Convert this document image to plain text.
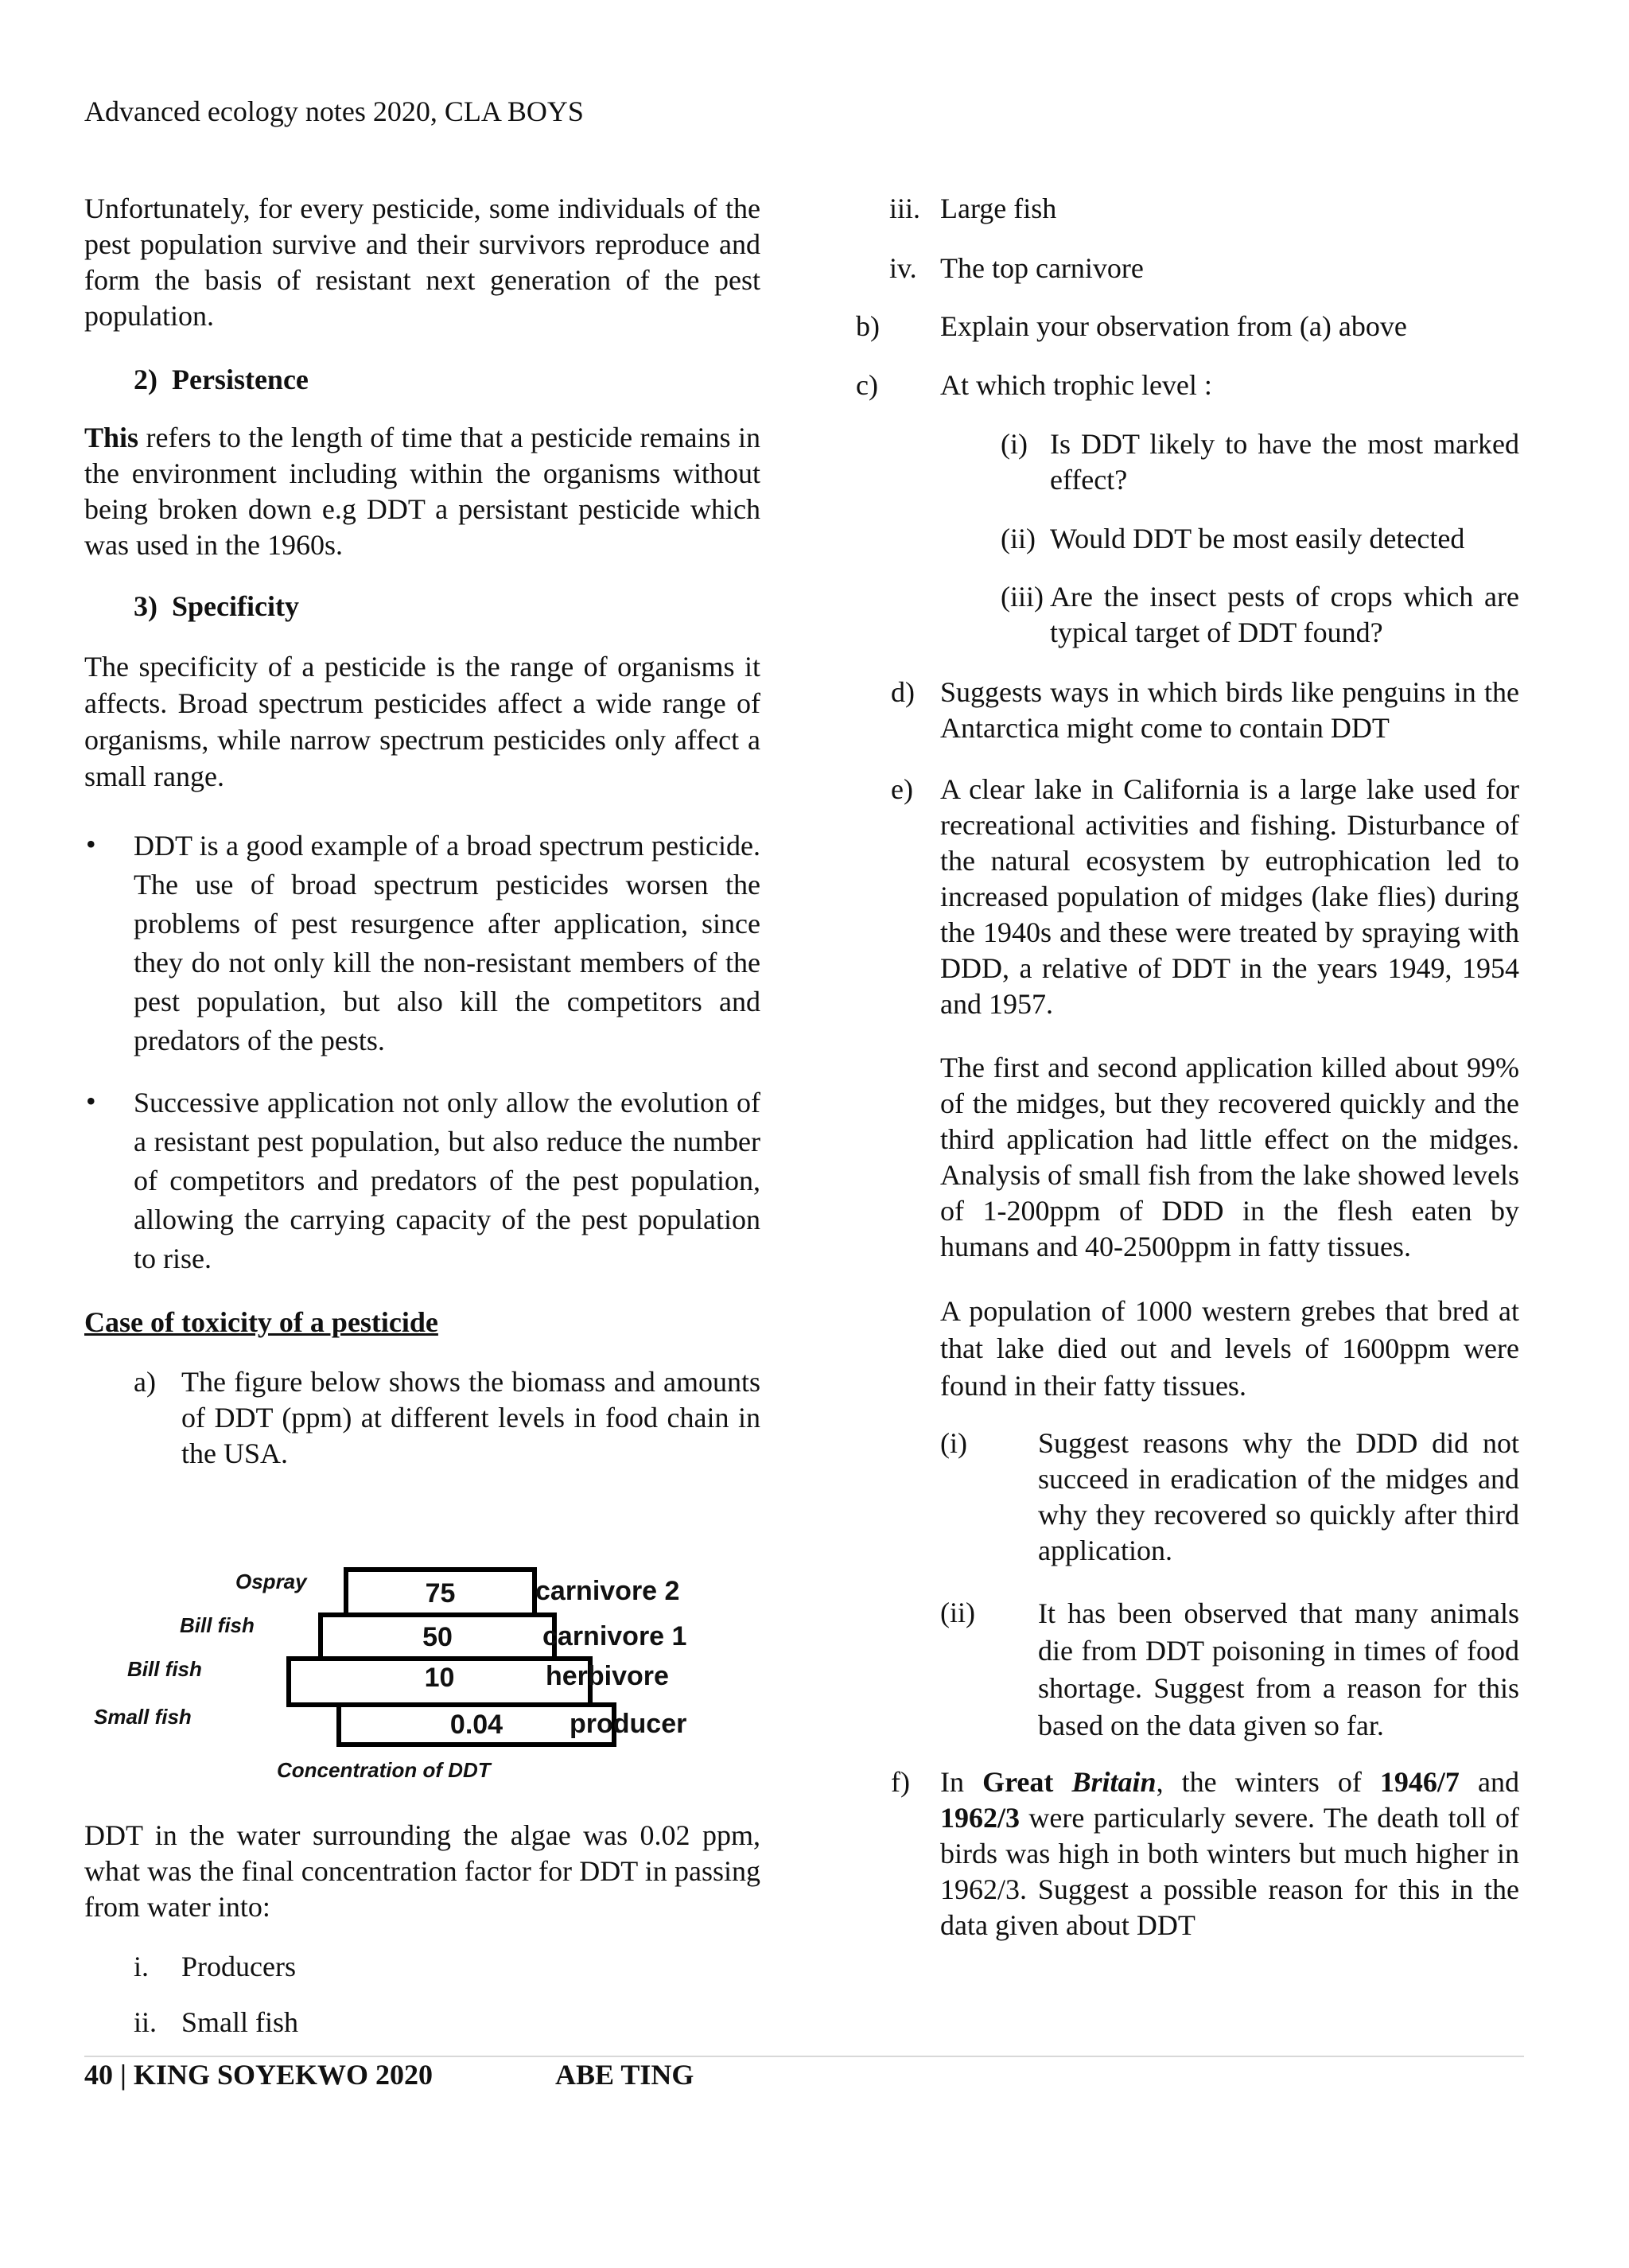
Advanced ecology notes 2020, CLA BOYS
Unfortunately, for every pesticide, some individuals of the pest population survive and their survivors reproduce and form the basis of resistant next generation of the pest population.
2)  Persistence
This refers to the length of time that a pesticide remains in the environment including within the organisms without being broken down e.g DDT a persistant pesticide which was used in the 1960s.
3)  Specificity
The specificity of a pesticide is the range of organisms it affects. Broad spectrum pesticides affect a wide range of organisms, while narrow spectrum pesticides only affect a small range.
• DDT is a good example of a broad spectrum pesticide. The use of broad spectrum pesticides worsen the problems of pest resurgence after application, since they do not only kill the non-resistant members of the pest population, but also kill the competitors and predators of the pests.
• Successive application not only allow the evolution of a resistant pest population, but also reduce the number of competitors and predators of the pest population, allowing the carrying capacity of the pest population to rise.
Case of toxicity of a pesticide
a) The figure below shows the biomass and amounts of DDT (ppm) at different levels in food chain in the USA.
Ospray
Bill fish
Bill fish
Small fish
75
50
10
0.04
carnivore 2
carnivore 1
herbivore
producer
Concentration of DDT
DDT in the water surrounding the algae was 0.02 ppm, what was the final concentration factor for DDT in passing from water into:
i. Producers
ii. Small fish
iii. Large fish
iv. The top carnivore
b) Explain your observation from (a) above
c) At which trophic level :
(i) Is DDT likely to have the most marked effect?
(ii) Would DDT be most easily detected
(iii) Are the insect pests of crops which are typical target of DDT found?
d) Suggests ways in which birds like penguins in the Antarctica might come to contain DDT
e) A clear lake in California is a large lake used for recreational activities and fishing. Disturbance of the natural ecosystem by eutrophication led to increased population of midges (lake flies) during the 1940s and these were treated by spraying with DDD, a relative of DDT in the years 1949, 1954 and 1957.
The first and second application killed about 99% of the midges, but they recovered quickly and the third application had little effect on the midges. Analysis of small fish from the lake showed levels of 1-200ppm of DDD in the flesh eaten by humans and 40-2500ppm in fatty tissues.
A population of 1000 western grebes that bred at that lake died out and levels of 1600ppm were found in their fatty tissues.
(i) Suggest reasons why the DDD did not succeed in eradication of the midges and why they recovered so quickly after third application.
(ii) It has been observed that many animals die from DDT poisoning in times of food shortage. Suggest from a reason for this based on the data given so far.
f) In Great Britain, the winters of 1946/7 and 1962/3 were particularly severe. The death toll of birds was high in both winters but much higher in 1962/3. Suggest a possible reason for this in the data given about DDT
40 | KING SOYEKWO 2020	ABE TING
